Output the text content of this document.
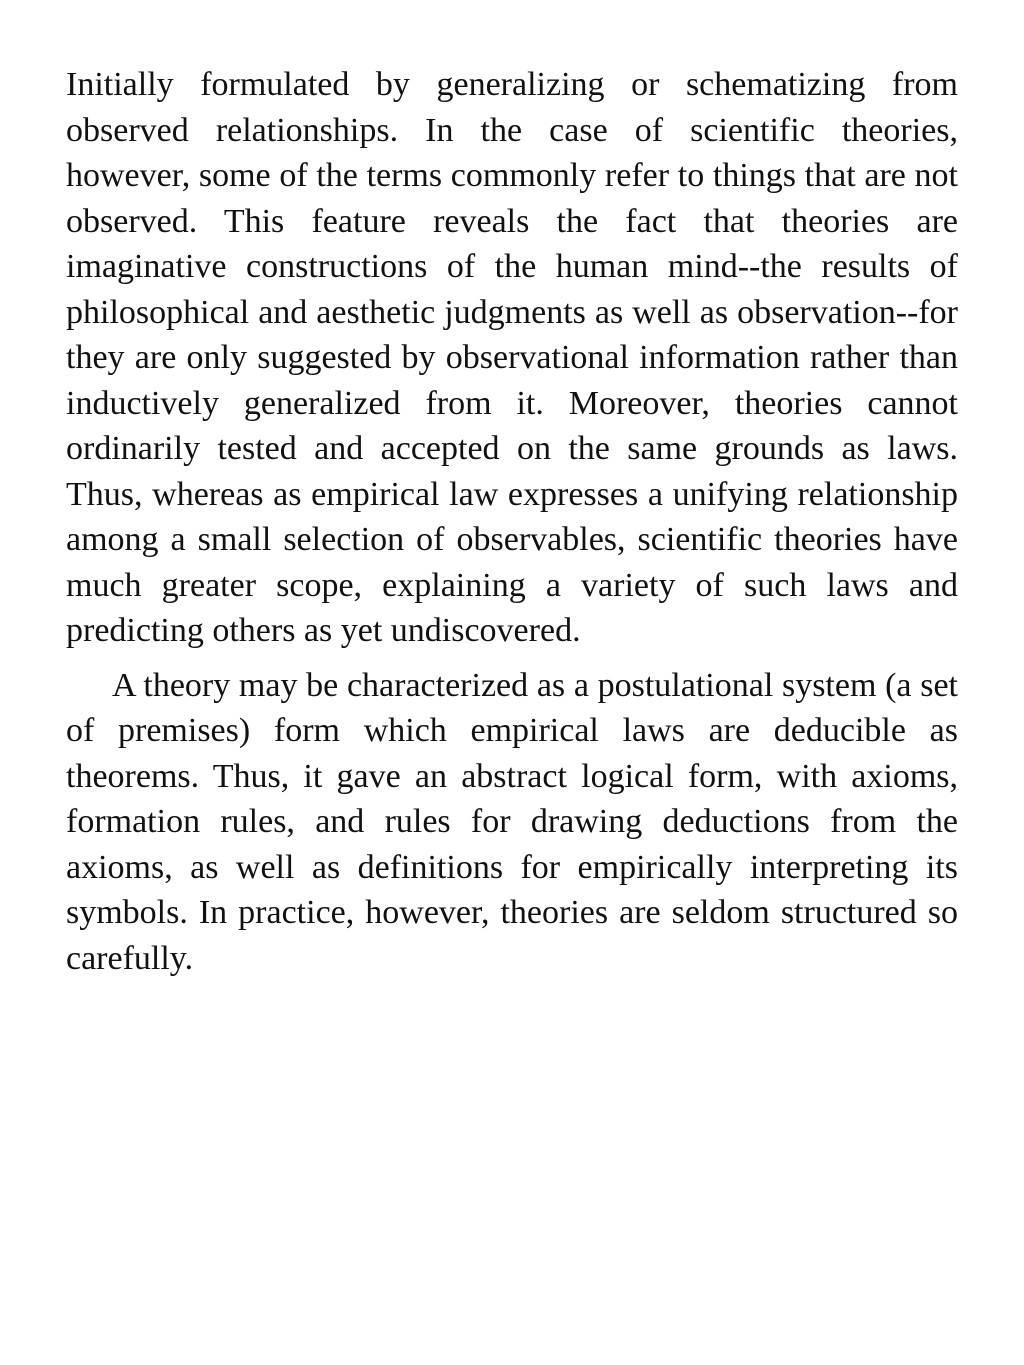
Initially formulated by generalizing or schematizing from observed relationships. In the case of scientific theories, however, some of the terms commonly refer to things that are not observed. This feature reveals the fact that theories are imaginative constructions of the human mind--the results of philosophical and aesthetic judgments as well as observation--for they are only suggested by observational information rather than inductively generalized from it. Moreover, theories cannot ordinarily tested and accepted on the same grounds as laws. Thus, whereas as empirical law expresses a unifying relationship among a small selection of observables, scientific theories have much greater scope, explaining a variety of such laws and predicting others as yet undiscovered.

A theory may be characterized as a postulational system (a set of premises) form which empirical laws are deducible as theorems. Thus, it gave an abstract logical form, with axioms, formation rules, and rules for drawing deductions from the axioms, as well as definitions for empirically interpreting its symbols. In practice, however, theories are seldom structured so carefully.
